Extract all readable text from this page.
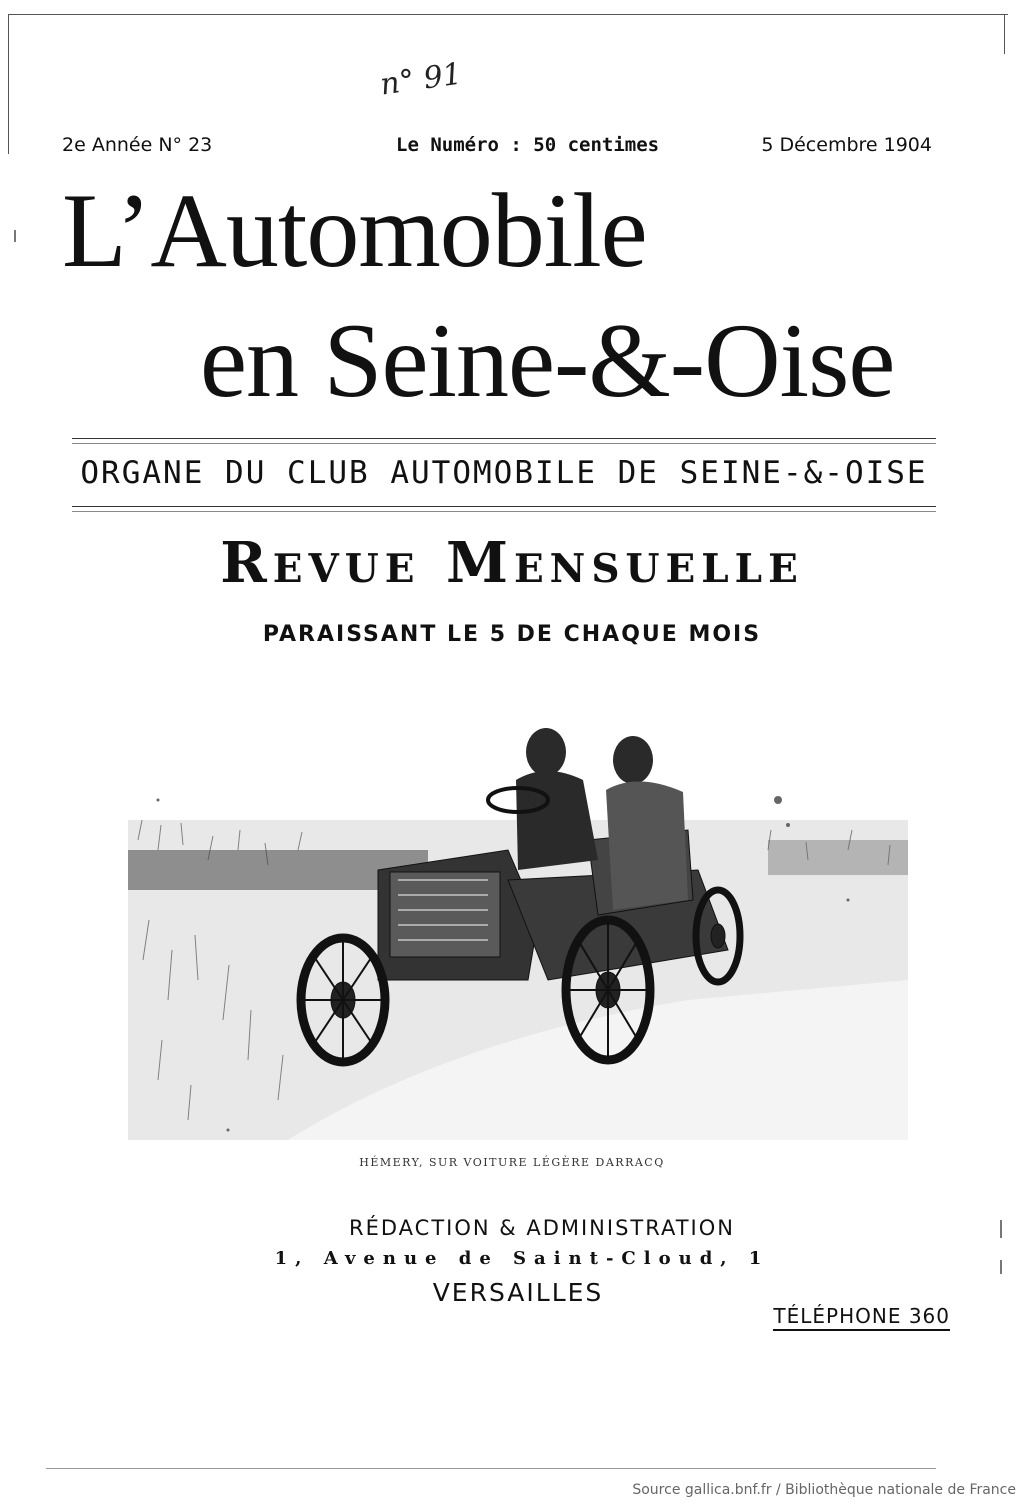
n° 91
2e Année N° 23	Le Numéro : 50 centimes	5 Décembre 1904
L’Automobile
en Seine-&-Oise
ORGANE DU CLUB AUTOMOBILE DE SEINE-&-OISE
Revue Mensuelle
PARAISSANT LE 5 DE CHAQUE MOIS
HÉMERY, SUR VOITURE LÉGÈRE DARRACQ
RÉDACTION & ADMINISTRATION
1, Avenue de Saint-Cloud, 1
VERSAILLES
TÉLÉPHONE 360
Source gallica.bnf.fr / Bibliothèque nationale de France
